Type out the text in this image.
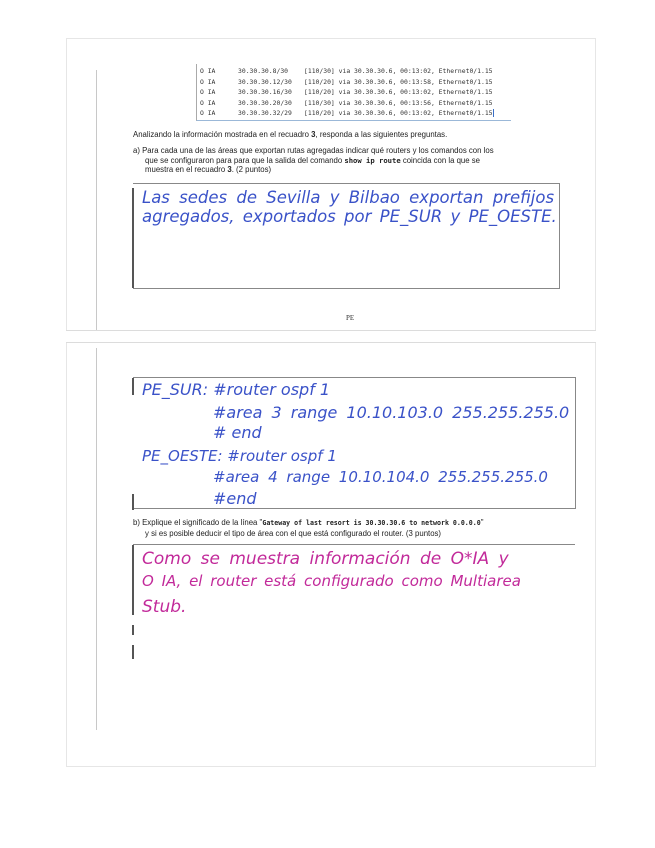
O IA	30.30.30.8/30 [110/30] via 30.30.30.6, 00:13:02, Ethernet0/1.15
O IA	30.30.30.12/30 [110/20] via 30.30.30.6, 00:13:58, Ethernet0/1.15
O IA	30.30.30.16/30 [110/20] via 30.30.30.6, 00:13:02, Ethernet0/1.15
O IA	30.30.30.20/30 [110/30] via 30.30.30.6, 00:13:56, Ethernet0/1.15
O IA	30.30.30.32/29 [110/20] via 30.30.30.6, 00:13:02, Ethernet0/1.15
Analizando la información mostrada en el recuadro 3, responda a las siguientes preguntas.
a) Para cada una de las áreas que exportan rutas agregadas indicar qué routers y los comandos con los
que se configuraron para para que la salida del comando show ip route coincida con la que se
muestra en el recuadro 3. (2 puntos)
Las sedes de Sevilla y Bilbao exportan prefijos
agregados, exportados por PE_SUR y PE_OESTE.
PE
PE_SUR: #router ospf 1
#area 3 range 10.10.103.0 255.255.255.0
# end
PE_OESTE: #router ospf 1
#area 4 range 10.10.104.0 255.255.255.0
#end
b) Explique el significado de la línea "Gateway of last resort is 30.30.30.6 to network 0.0.0.0"
y si es posible deducir el tipo de área con el que está configurado el router. (3 puntos)
Como se muestra información de O*IA y
O IA, el router está configurado como Multiarea
Stub.
